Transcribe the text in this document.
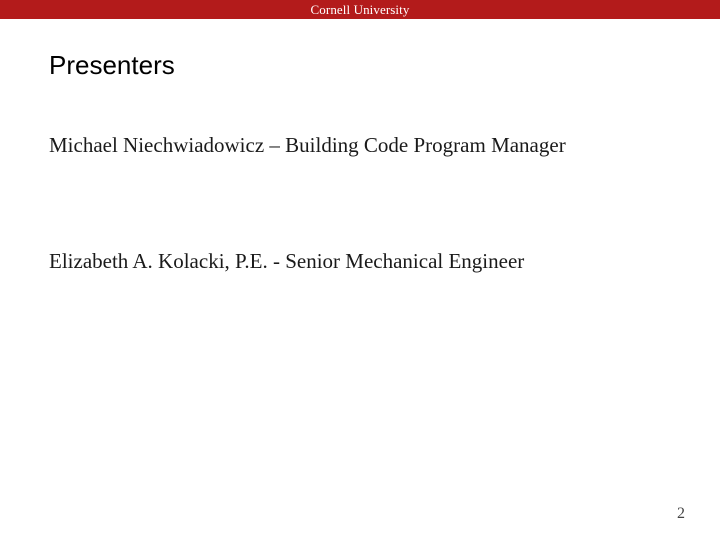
Cornell University
Presenters

Michael Niechwiadowicz – Building Code Program Manager

Elizabeth A. Kolacki, P.E. - Senior Mechanical Engineer

2
